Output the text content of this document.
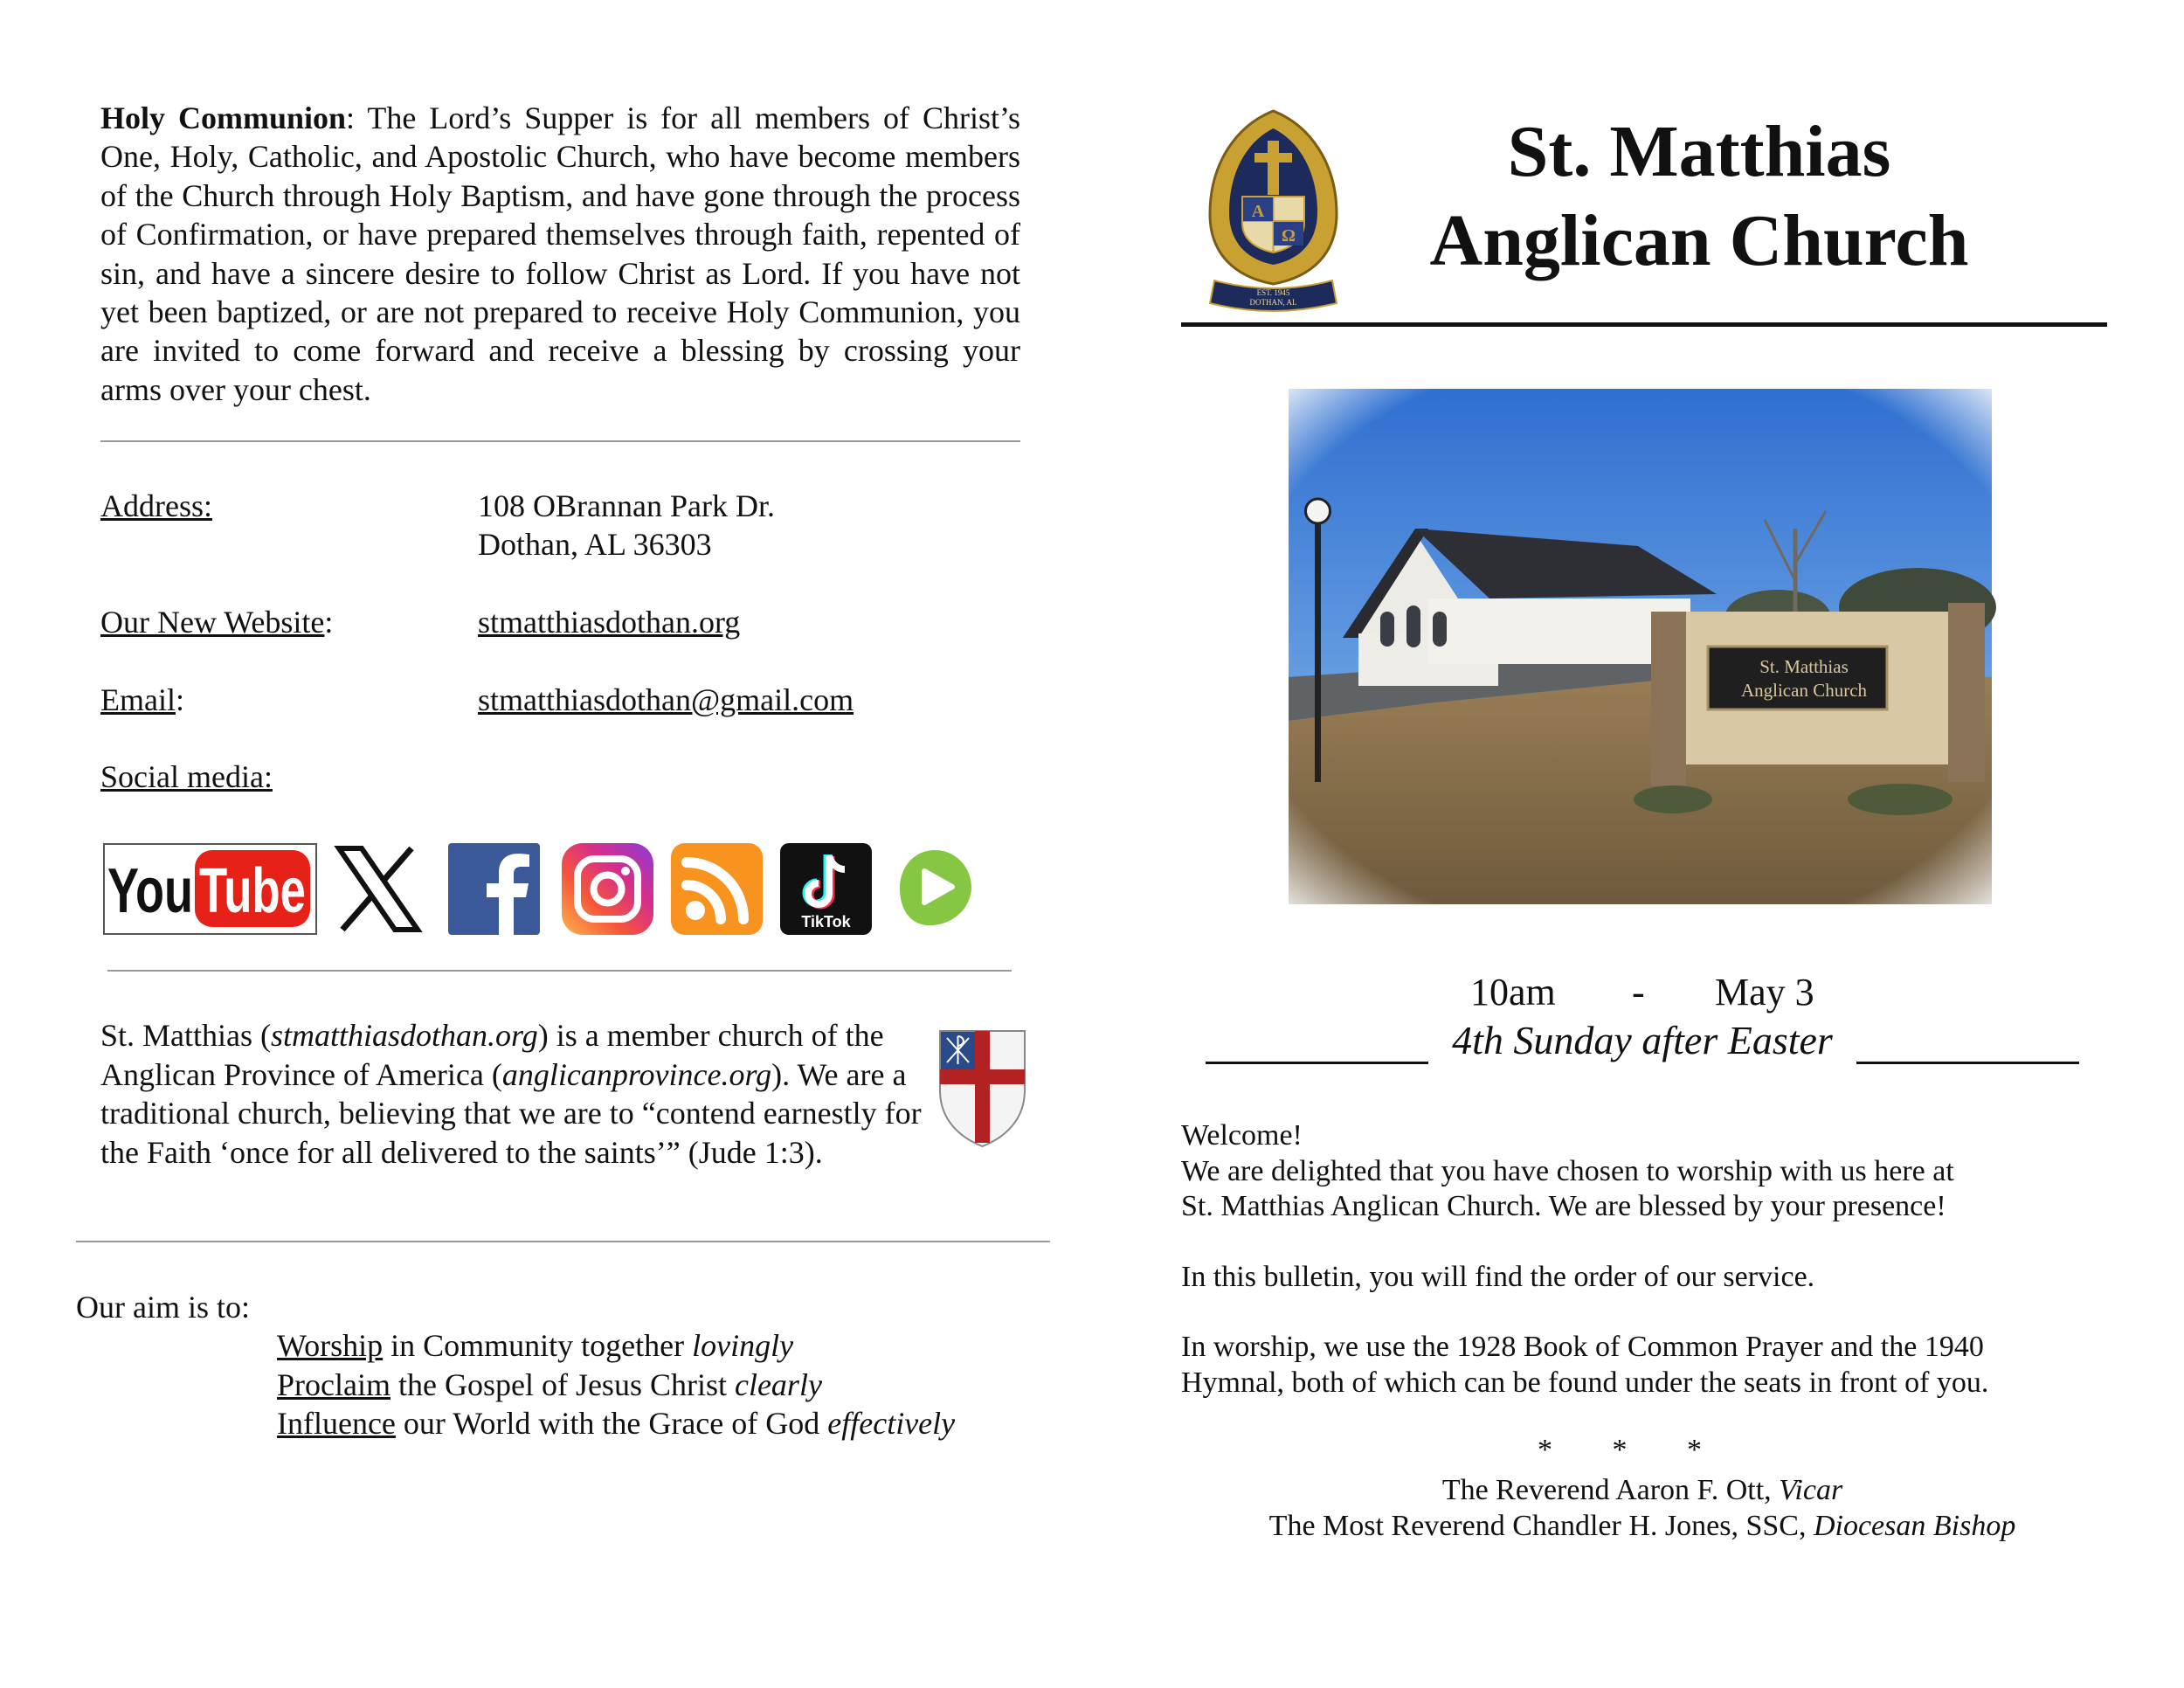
Holy Communion: The Lord’s Supper is for all members of Christ’s One, Holy, Catholic, and Apostolic Church, who have become members of the Church through Holy Baptism, and have gone through the process of Confirmation, or have prepared themselves through faith, repented of sin, and have a sincere desire to follow Christ as Lord. If you have not yet been baptized, or are not prepared to receive Holy Communion, you are invited to come forward and receive a blessing by crossing your arms over your chest.
Address:	108 OBrannan Park Dr.
Dothan, AL 36303
Our New Website:	stmatthiasdothan.org
Email:	stmatthiasdothan@gmail.com
Social media:
You Tube	TikTok
St. Matthias (stmatthiasdothan.org) is a member church of the Anglican Province of America (anglicanprovince.org). We are a traditional church, believing that we are to “contend earnestly for the Faith ‘once for all delivered to the saints’” (Jude 1:3).
Our aim is to:

Worship in Community together lovingly

Proclaim the Gospel of Jesus Christ clearly

Influence our World with the Grace of God effectively

A
Ω
EST. 1945
DOTHAN, AL
St. Matthias
Anglican Church
10am - May 3
4th Sunday after Easter

Welcome!

We are delighted that you have chosen to worship with us here at

St. Matthias Anglican Church. We are blessed by your presence!

In this bulletin, you will find the order of our service.

In worship, we use the 1928 Book of Common Prayer and the 1940

Hymnal, both of which can be found under the seats in front of you.

* * *

The Reverend Aaron F. Ott, Vicar

The Most Reverend Chandler H. Jones, SSC, Diocesan Bishop
